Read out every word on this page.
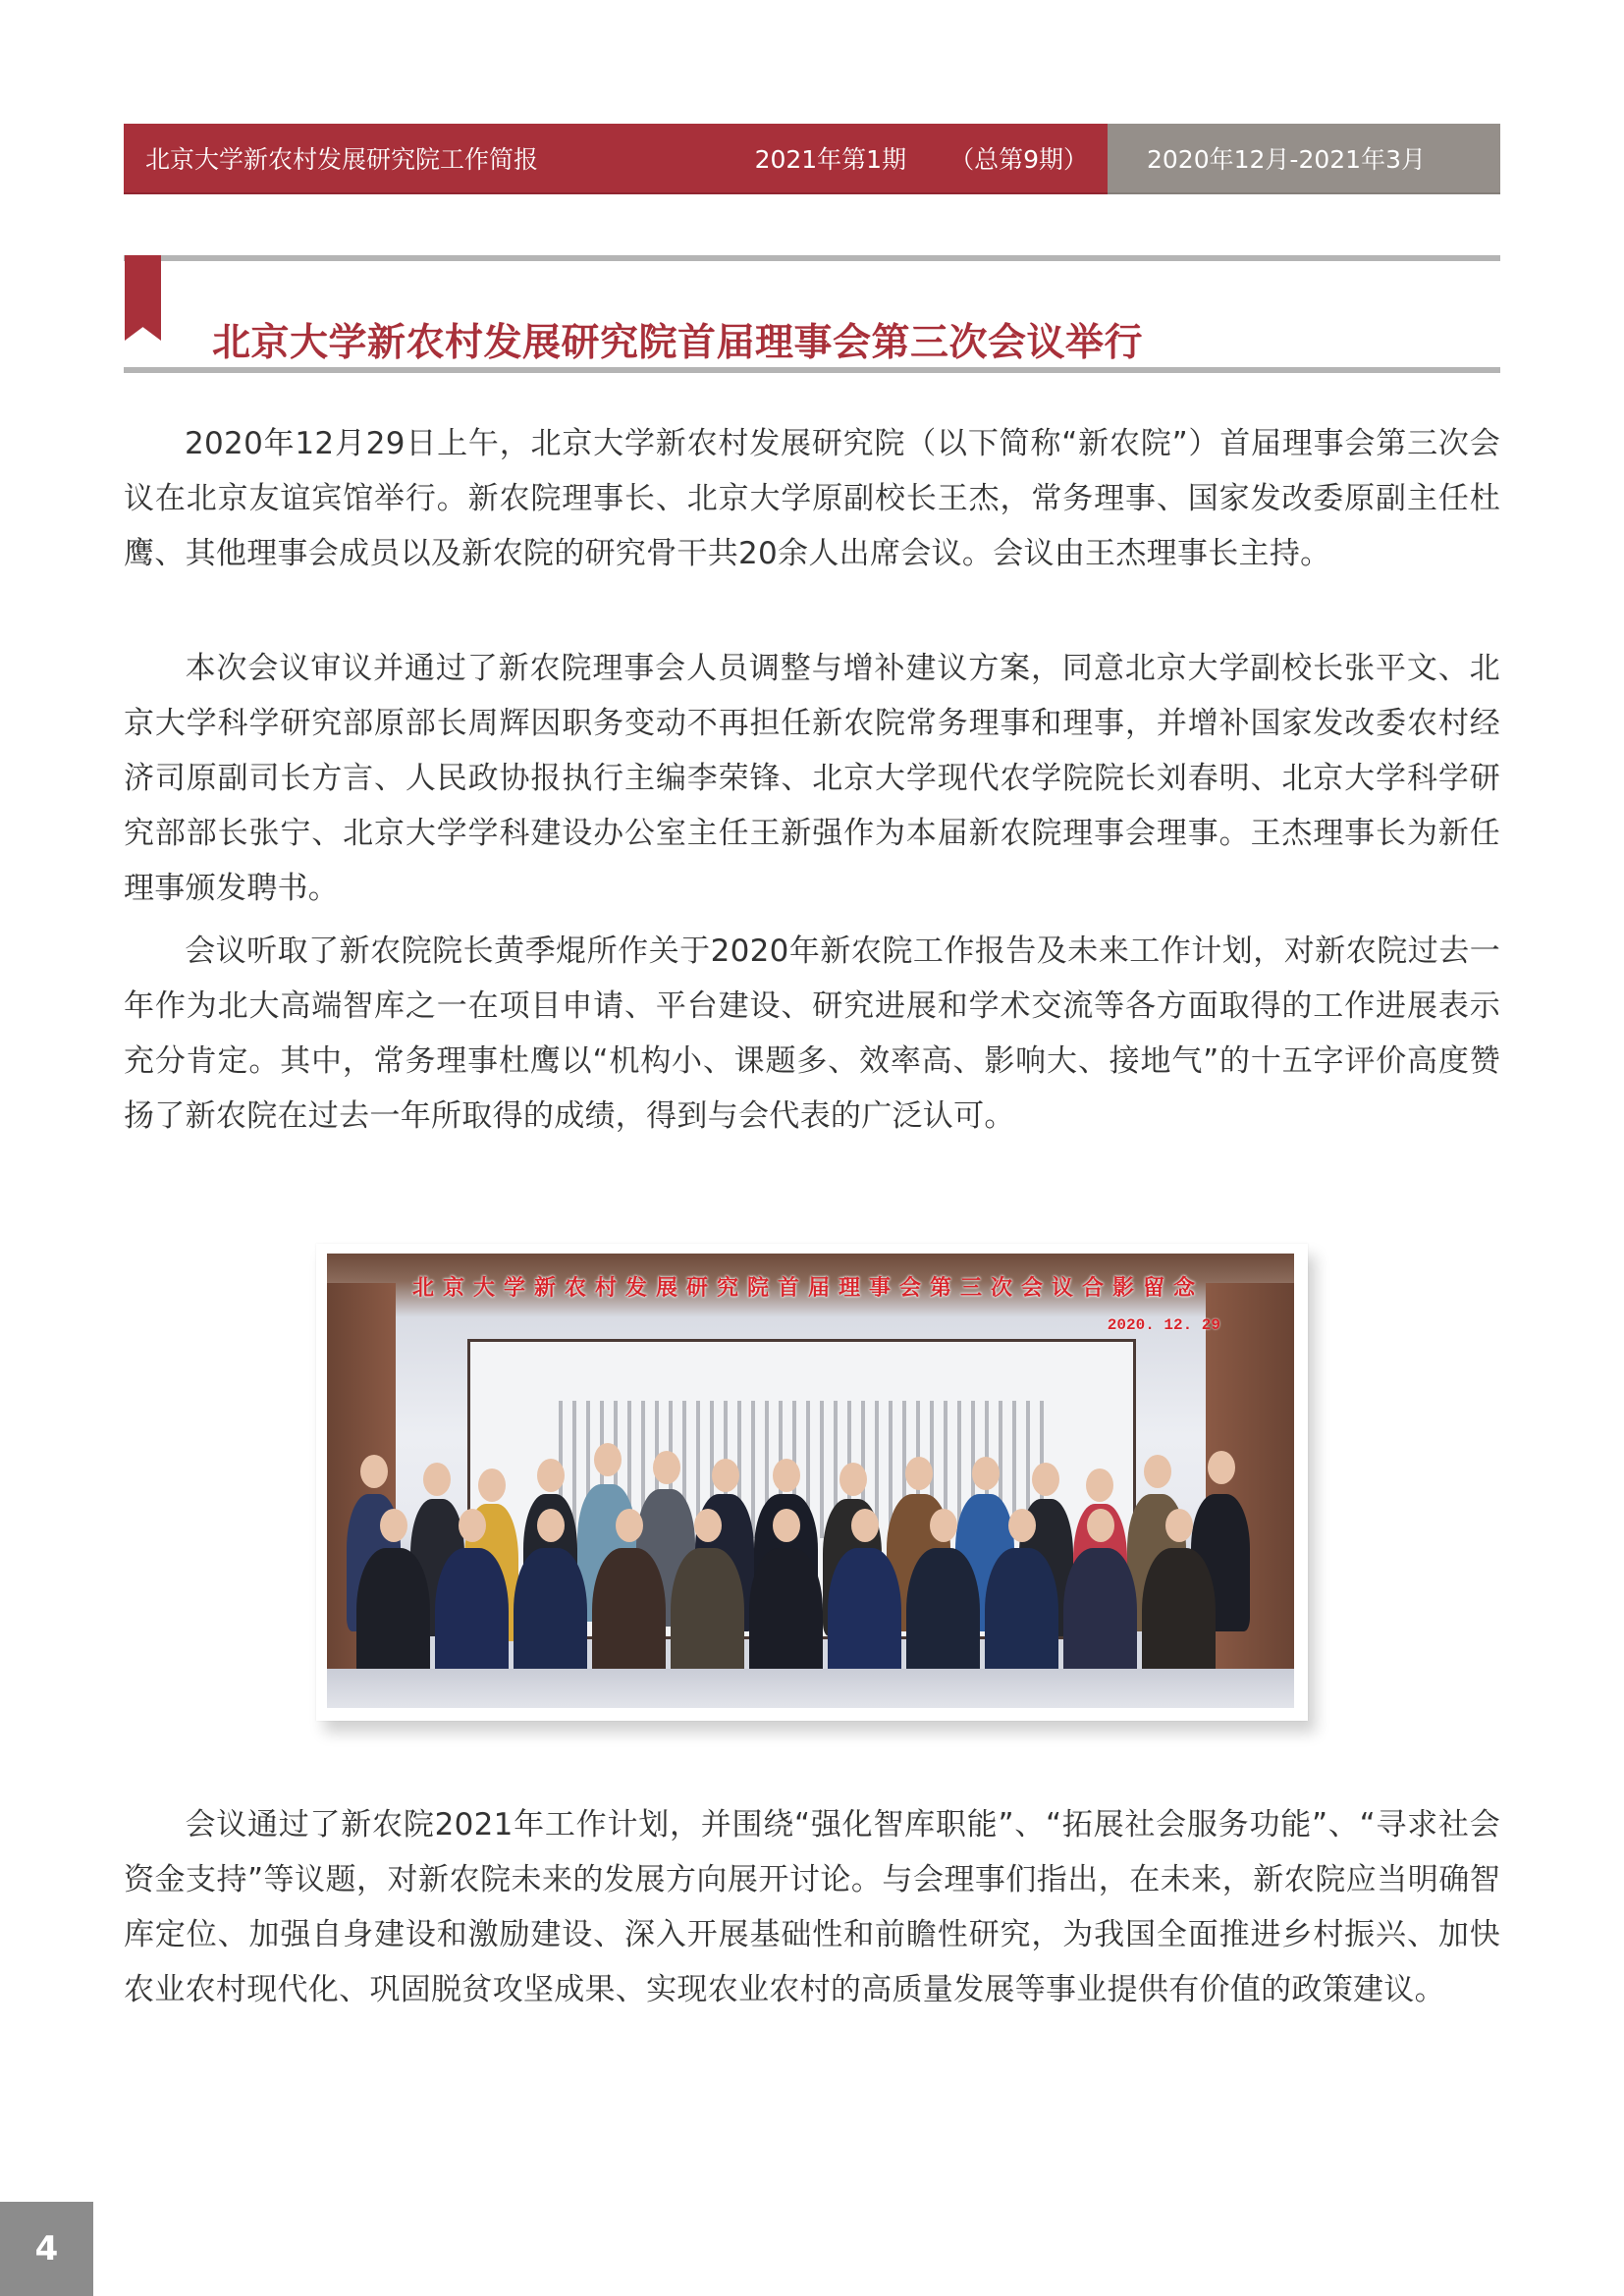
北京大学新农村发展研究院工作简报	2021年第1期 （总第9期） 2020年12月-2021年3月
北京大学新农村发展研究院首届理事会第三次会议举行

2020年12月29日上午，北京大学新农村发展研究院（以下简称“新农院”）首届理事会第三次会议在北京友谊宾馆举行。新农院理事长、北京大学原副校长王杰，常务理事、国家发改委原副主任杜鹰、其他理事会成员以及新农院的研究骨干共20余人出席会议。会议由王杰理事长主持。

本次会议审议并通过了新农院理事会人员调整与增补建议方案，同意北京大学副校长张平文、北京大学科学研究部原部长周辉因职务变动不再担任新农院常务理事和理事，并增补国家发改委农村经济司原副司长方言、人民政协报执行主编李荣锋、北京大学现代农学院院长刘春明、北京大学科学研究部部长张宁、北京大学学科建设办公室主任王新强作为本届新农院理事会理事。王杰理事长为新任理事颁发聘书。

会议听取了新农院院长黄季焜所作关于2020年新农院工作报告及未来工作计划，对新农院过去一年作为北大高端智库之一在项目申请、平台建设、研究进展和学术交流等各方面取得的工作进展表示充分肯定。其中，常务理事杜鹰以“机构小、课题多、效率高、影响大、接地气”的十五字评价高度赞扬了新农院在过去一年所取得的成绩，得到与会代表的广泛认可。

北京大学新农村发展研究院首届理事会第三次会议合影留念
2020. 12. 29

会议通过了新农院2021年工作计划，并围绕“强化智库职能”、“拓展社会服务功能”、“寻求社会资金支持”等议题，对新农院未来的发展方向展开讨论。与会理事们指出，在未来，新农院应当明确智库定位、加强自身建设和激励建设、深入开展基础性和前瞻性研究，为我国全面推进乡村振兴、加快农业农村现代化、巩固脱贫攻坚成果、实现农业农村的高质量发展等事业提供有价值的政策建议。

4
